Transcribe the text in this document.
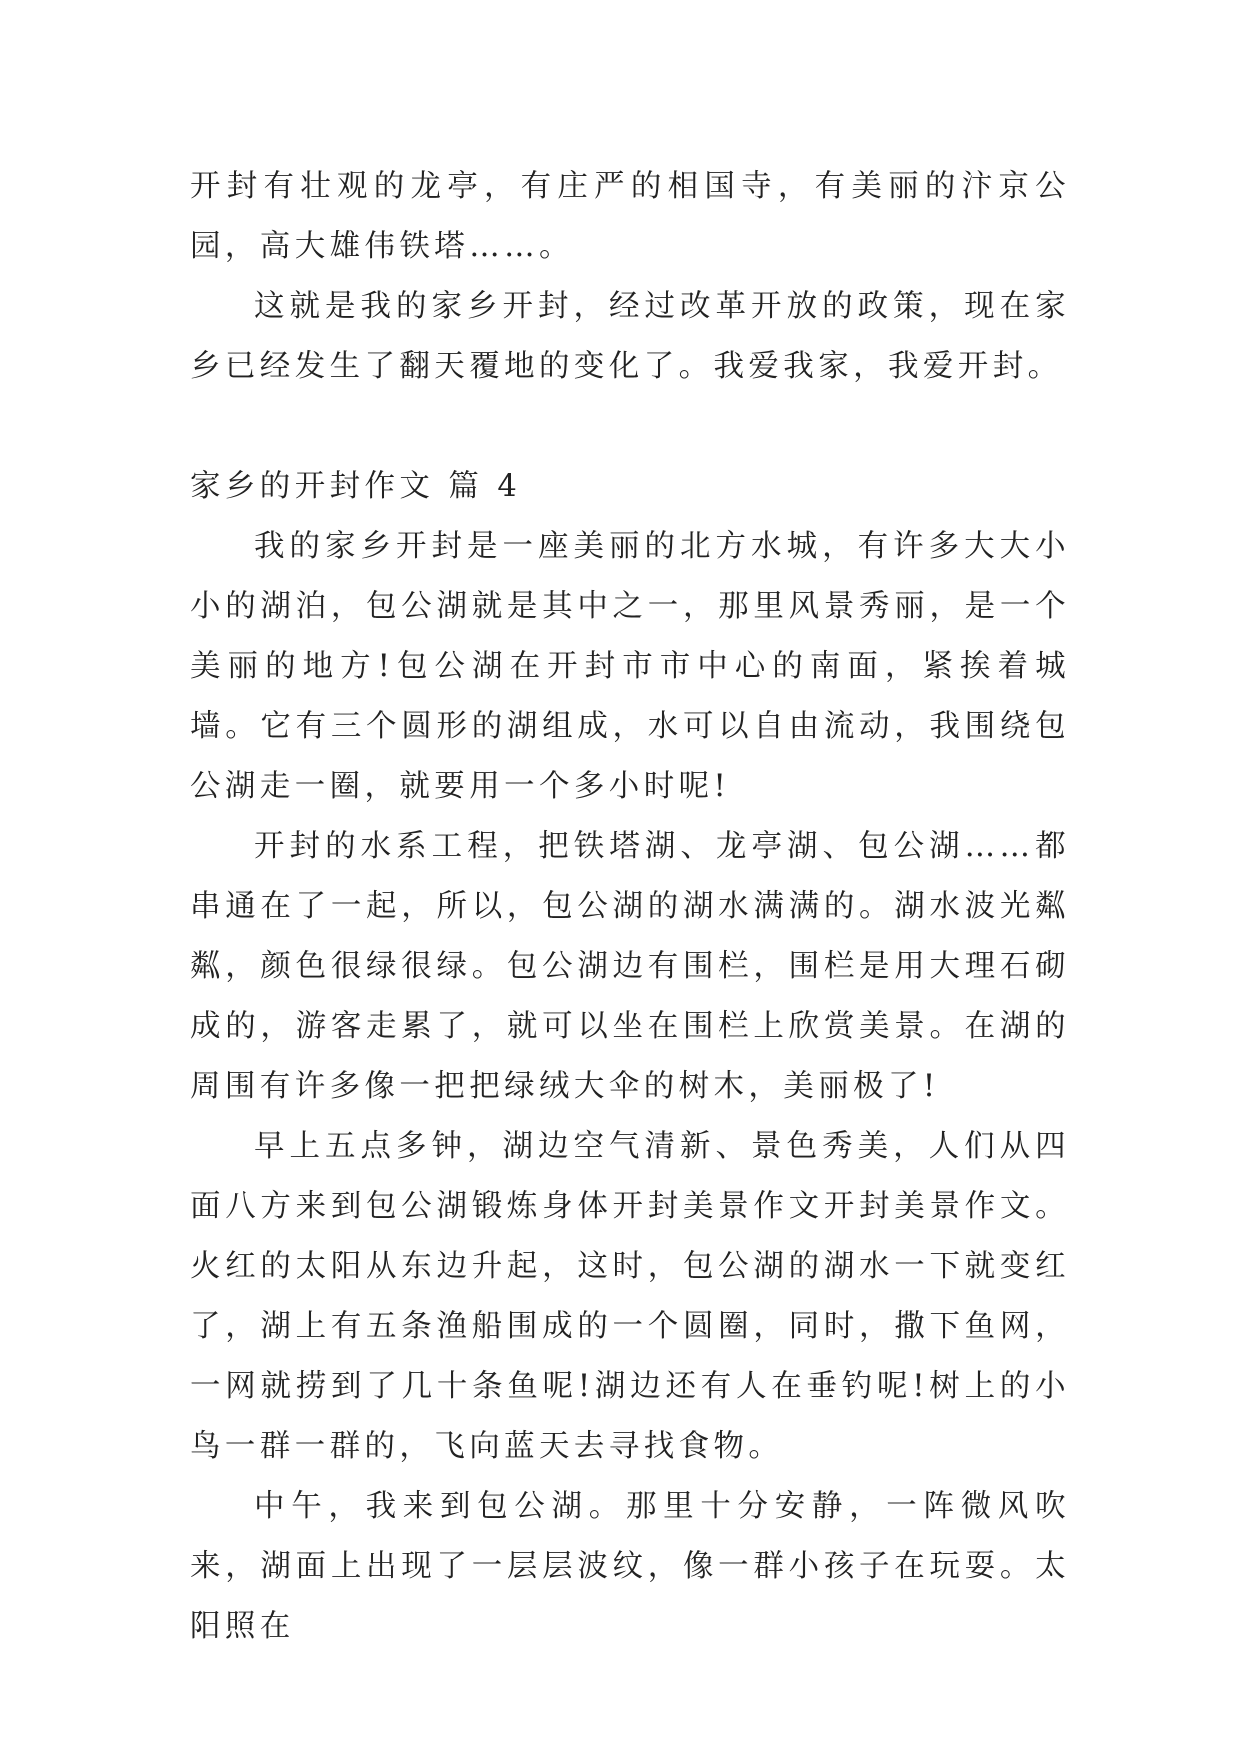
开封有壮观的龙亭，有庄严的相国寺，有美丽的汴京公园，高大雄伟铁塔……。

这就是我的家乡开封，经过改革开放的政策，现在家乡已经发生了翻天覆地的变化了。我爱我家，我爱开封。

家乡的开封作文 篇 4

我的家乡开封是一座美丽的北方水城，有许多大大小小的湖泊，包公湖就是其中之一，那里风景秀丽，是一个美丽的地方!包公湖在开封市市中心的南面，紧挨着城墙。它有三个圆形的湖组成，水可以自由流动，我围绕包公湖走一圈，就要用一个多小时呢!

开封的水系工程，把铁塔湖、龙亭湖、包公湖……都串通在了一起，所以，包公湖的湖水满满的。湖水波光粼粼，颜色很绿很绿。包公湖边有围栏，围栏是用大理石砌成的，游客走累了，就可以坐在围栏上欣赏美景。在湖的周围有许多像一把把绿绒大伞的树木，美丽极了!

早上五点多钟，湖边空气清新、景色秀美，人们从四面八方来到包公湖锻炼身体开封美景作文开封美景作文。火红的太阳从东边升起，这时，包公湖的湖水一下就变红了，湖上有五条渔船围成的一个圆圈，同时，撒下鱼网，一网就捞到了几十条鱼呢!湖边还有人在垂钓呢!树上的小鸟一群一群的，飞向蓝天去寻找食物。

中午，我来到包公湖。那里十分安静，一阵微风吹来，湖面上出现了一层层波纹，像一群小孩子在玩耍。太阳照在
